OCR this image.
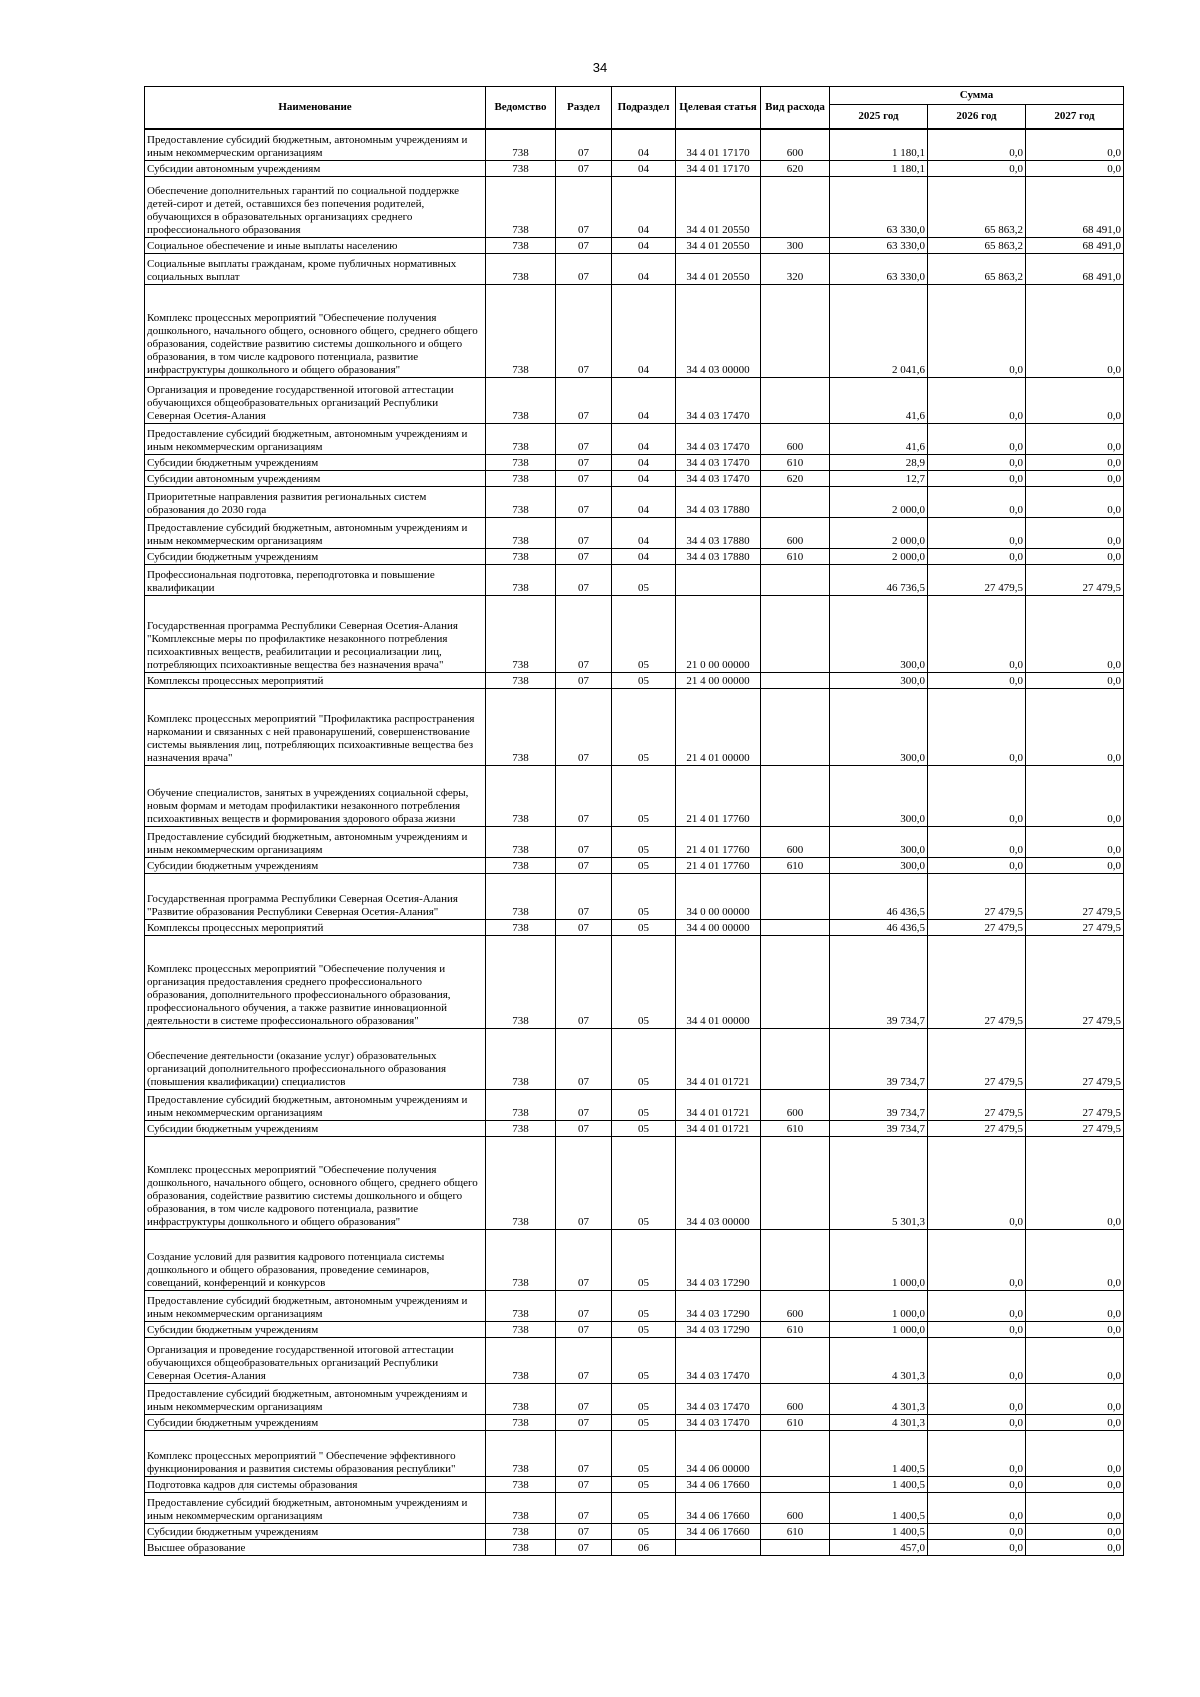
34
Наименование	Ведомство	Раздел	Подраздел	Целевая статья	Вид расхода	Сумма		
						2025 год	2026 год	2027 год
Предоставление субсидий бюджетным, автономным учреждениям и иным некоммерческим организациям	738	07	04	34 4 01 17170	600	1 180,1	0,0	0,0
Субсидии автономным учреждениям	738	07	04	34 4 01 17170	620	1 180,1	0,0	0,0
Обеспечение дополнительных гарантий по социальной поддержке детей-сирот и детей, оставшихся без попечения родителей, обучающихся в образовательных организациях среднего профессионального образования	738	07	04	34 4 01 20550		63 330,0	65 863,2	68 491,0
Социальное обеспечение и иные выплаты населению	738	07	04	34 4 01 20550	300	63 330,0	65 863,2	68 491,0
Социальные выплаты гражданам, кроме публичных нормативных социальных выплат	738	07	04	34 4 01 20550	320	63 330,0	65 863,2	68 491,0
Комплекс процессных мероприятий "Обеспечение получения дошкольного, начального общего, основного общего, среднего общего образования, содействие развитию системы дошкольного и общего образования, в том числе кадрового потенциала, развитие инфраструктуры дошкольного и общего образования"	738	07	04	34 4 03 00000		2 041,6	0,0	0,0
Организация и проведение государственной итоговой аттестации обучающихся общеобразовательных организаций Республики Северная Осетия-Алания	738	07	04	34 4 03 17470		41,6	0,0	0,0
Предоставление субсидий бюджетным, автономным учреждениям и иным некоммерческим организациям	738	07	04	34 4 03 17470	600	41,6	0,0	0,0
Субсидии бюджетным учреждениям	738	07	04	34 4 03 17470	610	28,9	0,0	0,0
Субсидии автономным учреждениям	738	07	04	34 4 03 17470	620	12,7	0,0	0,0
Приоритетные направления развития региональных систем образования до 2030 года	738	07	04	34 4 03 17880		2 000,0	0,0	0,0
Предоставление субсидий бюджетным, автономным учреждениям и иным некоммерческим организациям	738	07	04	34 4 03 17880	600	2 000,0	0,0	0,0
Субсидии бюджетным учреждениям	738	07	04	34 4 03 17880	610	2 000,0	0,0	0,0
Профессиональная подготовка, переподготовка и повышение квалификации	738	07	05			46 736,5	27 479,5	27 479,5
Государственная программа Республики Северная Осетия-Алания "Комплексные меры по профилактике незаконного потребления психоактивных веществ, реабилитации и ресоциализации лиц, потребляющих психоактивные вещества без назначения врача"	738	07	05	21 0 00 00000		300,0	0,0	0,0
Комплексы процессных мероприятий	738	07	05	21 4 00 00000		300,0	0,0	0,0
Комплекс процессных мероприятий "Профилактика распространения наркомании и связанных с ней правонарушений, совершенствование системы выявления лиц, потребляющих психоактивные вещества без назначения врача"	738	07	05	21 4 01 00000		300,0	0,0	0,0
Обучение специалистов, занятых в учреждениях социальной сферы, новым формам и методам профилактики незаконного потребления психоактивных веществ и формирования здорового образа жизни	738	07	05	21 4 01 17760		300,0	0,0	0,0
Предоставление субсидий бюджетным, автономным учреждениям и иным некоммерческим организациям	738	07	05	21 4 01 17760	600	300,0	0,0	0,0
Субсидии бюджетным учреждениям	738	07	05	21 4 01 17760	610	300,0	0,0	0,0
Государственная программа Республики Северная Осетия-Алания "Развитие образования Республики Северная Осетия-Алания"	738	07	05	34 0 00 00000		46 436,5	27 479,5	27 479,5
Комплексы процессных мероприятий	738	07	05	34 4 00 00000		46 436,5	27 479,5	27 479,5
Комплекс процессных мероприятий "Обеспечение получения и организация предоставления среднего профессионального образования, дополнительного профессионального образования, профессионального обучения, а также развитие инновационной деятельности в системе профессионального образования"	738	07	05	34 4 01 00000		39 734,7	27 479,5	27 479,5
Обеспечение деятельности (оказание услуг) образовательных организаций дополнительного профессионального образования (повышения квалификации) специалистов	738	07	05	34 4 01 01721		39 734,7	27 479,5	27 479,5
Предоставление субсидий бюджетным, автономным учреждениям и иным некоммерческим организациям	738	07	05	34 4 01 01721	600	39 734,7	27 479,5	27 479,5
Субсидии бюджетным учреждениям	738	07	05	34 4 01 01721	610	39 734,7	27 479,5	27 479,5
Комплекс процессных мероприятий "Обеспечение получения дошкольного, начального общего, основного общего, среднего общего образования, содействие развитию системы дошкольного и общего образования, в том числе кадрового потенциала, развитие инфраструктуры дошкольного и общего образования"	738	07	05	34 4 03 00000		5 301,3	0,0	0,0
Создание условий для развития кадрового потенциала системы дошкольного и общего образования, проведение семинаров, совещаний, конференций и конкурсов	738	07	05	34 4 03 17290		1 000,0	0,0	0,0
Предоставление субсидий бюджетным, автономным учреждениям и иным некоммерческим организациям	738	07	05	34 4 03 17290	600	1 000,0	0,0	0,0
Субсидии бюджетным учреждениям	738	07	05	34 4 03 17290	610	1 000,0	0,0	0,0
Организация и проведение государственной итоговой аттестации обучающихся общеобразовательных организаций Республики Северная Осетия-Алания	738	07	05	34 4 03 17470		4 301,3	0,0	0,0
Предоставление субсидий бюджетным, автономным учреждениям и иным некоммерческим организациям	738	07	05	34 4 03 17470	600	4 301,3	0,0	0,0
Субсидии бюджетным учреждениям	738	07	05	34 4 03 17470	610	4 301,3	0,0	0,0
Комплекс процессных мероприятий " Обеспечение эффективного функционирования и развития системы образования республики"	738	07	05	34 4 06 00000		1 400,5	0,0	0,0
Подготовка кадров для системы образования	738	07	05	34 4 06 17660		1 400,5	0,0	0,0
Предоставление субсидий бюджетным, автономным учреждениям и иным некоммерческим организациям	738	07	05	34 4 06 17660	600	1 400,5	0,0	0,0
Субсидии бюджетным учреждениям	738	07	05	34 4 06 17660	610	1 400,5	0,0	0,0
Высшее образование	738	07	06			457,0	0,0	0,0
